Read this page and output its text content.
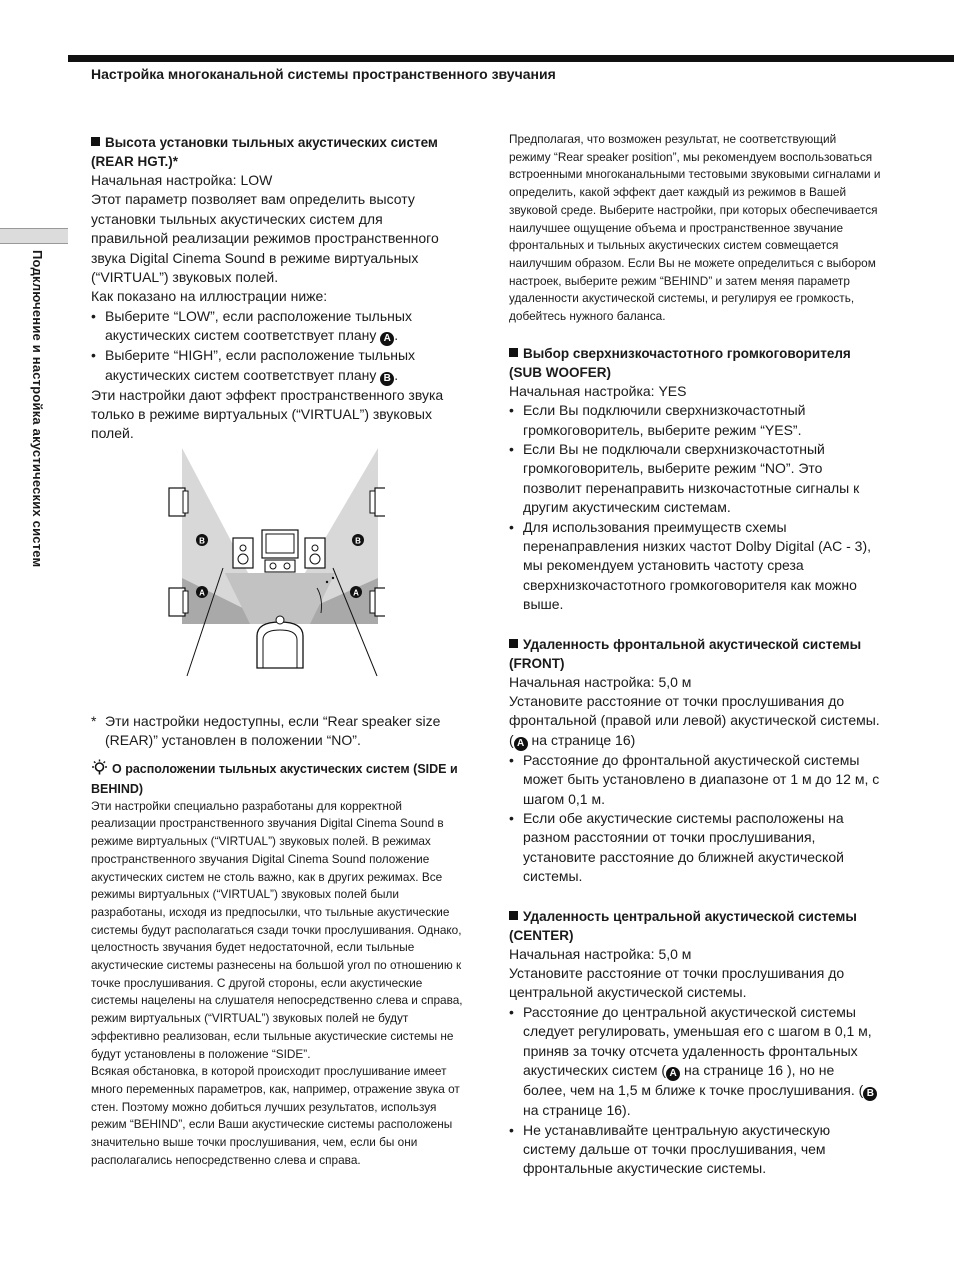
Настройка многоканальной системы пространственного звучания
Подключение и настройка акустических систем
Высота установки тыльных акустических систем (REAR HGT.)*
Начальная настройка: LOW
Этот параметр позволяет вам определить высоту установки тыльных акустических систем для правильной реализации режимов пространственного звука Digital Cinema Sound в режиме виртуальных (“VIRTUAL”) звуковых полей.
Как показано на иллюстрации ниже:
• Выберите “LOW”, если расположение тыльных акустических систем соответствует плану A .
• Выберите “HIGH”, если расположение тыльных акустических систем соответствует плану B .
Эти настройки дают эффект пространственного звука только в режиме виртуальных (“VIRTUAL”) звуковых полей.
* Эти настройки недоступны, если “Rear speaker size (REAR)” установлен в положении “NO”.
О расположении тыльных акустических систем (SIDE и BEHIND)
Эти настройки специально разработаны для корректной реализации пространственного звучания Digital Cinema Sound в режиме виртуальных (“VIRTUAL”) звуковых полей. В режимах пространственного звучания Digital Cinema Sound положение акустических систем не столь важно, как в других режимах. Все режимы виртуальных (“VIRTUAL”) звуковых полей были разработаны, исходя из предпосылки, что тыльные акустические системы будут располагаться сзади точки прослушивания. Однако, целостность звучания будет недостаточной, если тыльные акустические системы разнесены на большой угол по отношению к точке прослушивания. С другой стороны, если акустические системы нацелены на слушателя непосредственно слева и справа, режим виртуальных (“VIRTUAL”) звуковых полей не будут эффективно реализован, если тыльные акустические системы не будут установлены в положение “SIDE”.
Всякая обстановка, в которой происходит прослушивание имеет много переменных параметров, как, например, отражение звука от стен. Поэтому можно добиться лучших результатов, используя режим “BEHIND”, если Ваши акустические системы расположены значительно выше точки прослушивания, чем, если бы они располагались непосредственно слева и справа.
B	B
A	A
Предполагая, что возможен результат, не соответствующий режиму “Rear speaker position”, мы рекомендуем воспользоваться встроенными многоканальными тестовыми звуковыми сигналами и определить, какой эффект дает каждый из режимов в Вашей звуковой среде. Выберите настройки, при которых обеспечивается наилучшее ощущение объема и пространственное звучание фронтальных и тыльных акустических систем совмещается наилучшим образом. Если Вы не можете определиться с выбором настроек, выберите режим “BEHIND” и затем меняя параметр удаленности акустической системы, и регулируя ее громкость, добейтесь нужного баланса.
Выбор сверхнизкочастотного громкоговорителя (SUB WOOFER)
Начальная настройка: YES
• Если Вы подключили сверхнизкочастотный громкоговоритель, выберите режим “YES”.
• Если Вы не подключали сверхнизкочастотный громкоговоритель, выберите режим “NO”. Это позволит перенаправить низкочастотные сигналы к другим акустическим системам.
• Для использования преимуществ схемы перенаправления низких частот Dolby Digital (AC - 3), мы рекомендуем установить частоту среза сверхнизкочастотного громкоговорителя как можно выше.
Удаленность фронтальной акустической системы (FRONT)
Начальная настройка: 5,0 м
Установите расстояние от точки прослушивания до фронтальной (правой или левой) акустической системы. ( A на странице 16)
• Расстояние до фронтальной акустической системы может быть установлено в диапазоне от 1 м до 12 м, с шагом 0,1 м.
• Если обе акустические системы расположены на разном расстоянии от точки прослушивания, установите расстояние до ближней акустической системы.
Удаленность центральной акустической системы (CENTER)
Начальная настройка: 5,0 м
Установите расстояние от точки прослушивания до центральной акустической системы.
• Расстояние до центральной акустической системы следует регулировать, уменьшая его с шагом в 0,1 м, приняв за точку отсчета удаленность фронтальных акустических систем ( A на странице 16 ), но не более, чем на 1,5 м ближе к точке прослушивания. ( B на странице 16).
• Не устанавливайте центральную акустическую систему дальше от точки прослушивания, чем фронтальные акустические системы.
